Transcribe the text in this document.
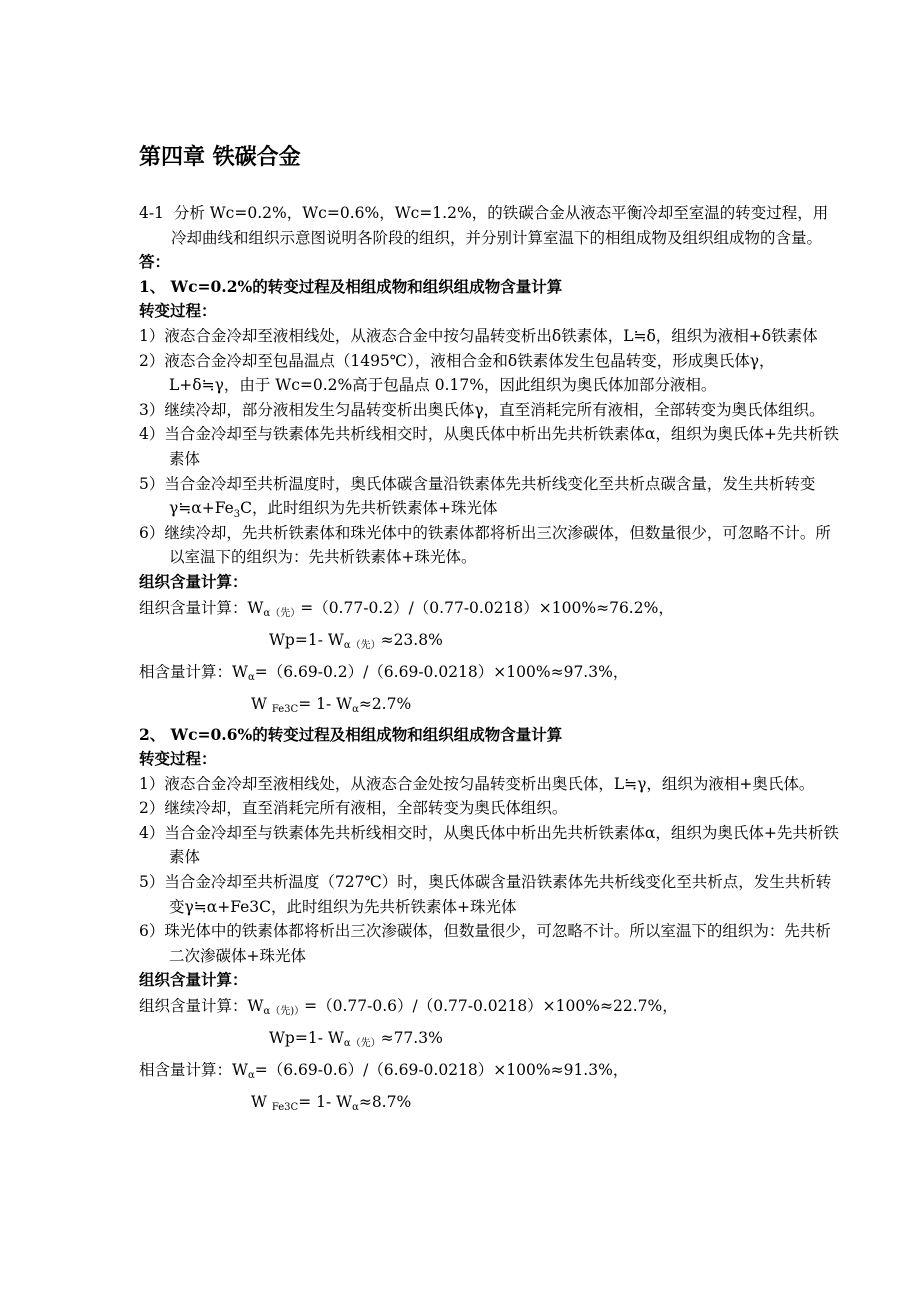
第四章 铁碳合金
4-1 分析 Wc=0.2%，Wc=0.6%，Wc=1.2%，的铁碳合金从液态平衡冷却至室温的转变过程，用冷却曲线和组织示意图说明各阶段的组织，并分别计算室温下的相组成物及组织组成物的含量。
答：
1、 Wc=0.2%的转变过程及相组成物和组织组成物含量计算
转变过程：
1）液态合金冷却至液相线处，从液态合金中按匀晶转变析出δ铁素体，L≒δ，组织为液相+δ铁素体
2）液态合金冷却至包晶温点（1495℃），液相合金和δ铁素体发生包晶转变，形成奥氏体γ，L+δ≒γ，由于 Wc=0.2%高于包晶点 0.17%，因此组织为奥氏体加部分液相。
3）继续冷却，部分液相发生匀晶转变析出奥氏体γ，直至消耗完所有液相，全部转变为奥氏体组织。
4）当合金冷却至与铁素体先共析线相交时，从奥氏体中析出先共析铁素体α，组织为奥氏体+先共析铁素体
5）当合金冷却至共析温度时，奥氏体碳含量沿铁素体先共析线变化至共析点碳含量，发生共析转变$\gamma≒\alpha+Fe_3C$，此时组织为先共析铁素体+珠光体
6）继续冷却，先共析铁素体和珠光体中的铁素体都将析出三次渗碳体，但数量很少，可忽略不计。所以室温下的组织为：先共析铁素体+珠光体。
组织含量计算：
组织含量计算：Wα（先）=（0.77-0.2）/（0.77-0.0218）×100%≈76.2%，
Wp=1- Wα（先）≈23.8%
相含量计算：Wα=（6.69-0.2）/（6.69-0.0218）×100%≈97.3%，
W Fe3C= 1- Wα≈2.7%
2、 Wc=0.6%的转变过程及相组成物和组织组成物含量计算
转变过程：
1）液态合金冷却至液相线处，从液态合金处按匀晶转变析出奥氏体，L≒γ，组织为液相+奥氏体。
2）继续冷却，直至消耗完所有液相，全部转变为奥氏体组织。
4）当合金冷却至与铁素体先共析线相交时，从奥氏体中析出先共析铁素体α，组织为奥氏体+先共析铁素体
5）当合金冷却至共析温度（727℃）时，奥氏体碳含量沿铁素体先共析线变化至共析点，发生共析转变γ≒α+Fe3C，此时组织为先共析铁素体+珠光体
6）珠光体中的铁素体都将析出三次渗碳体，但数量很少，可忽略不计。所以室温下的组织为：先共析二次渗碳体+珠光体
组织含量计算：
组织含量计算：Wα（先)）=（0.77-0.6）/（0.77-0.0218）×100%≈22.7%，
Wp=1- Wα（先）≈77.3%
相含量计算：Wα=（6.69-0.6）/（6.69-0.0218）×100%≈91.3%，
W Fe3C= 1- Wα≈8.7%
